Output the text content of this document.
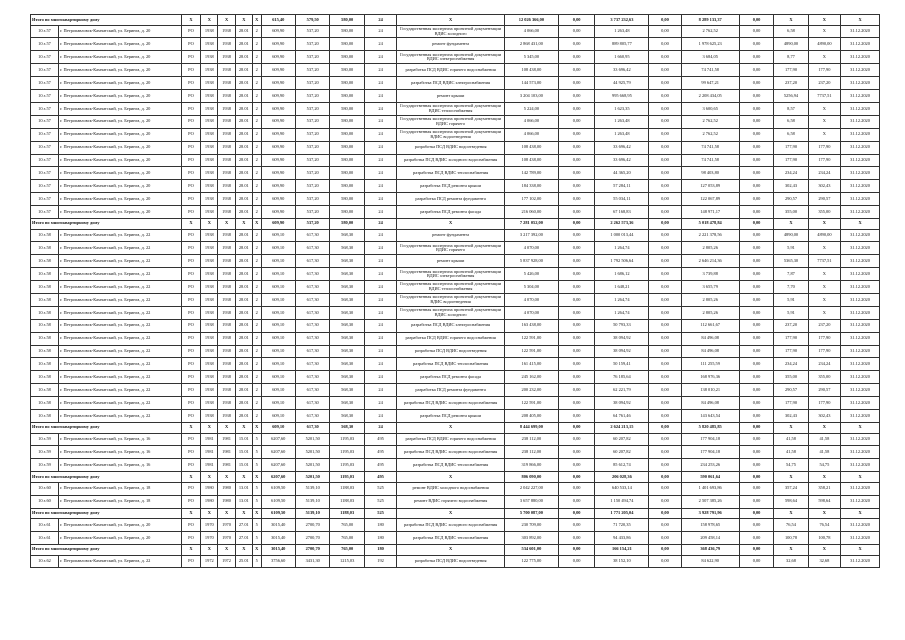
Итого по многоквартирному дому		X	X	X	X	X	615,40	579,50	580,00	24	X	12 026 366,00	0,00	3 737 232,63	0,00	8 289 133,37	0,00	X	X	X
10.з.57	г. Петропавловск-Камчатский, ул. Беринга, д. 20	РО	1938	1938	28.01	2	609,90	537,20	580,00	24	Государственная экспертиза проектной документации ВДИС холодного	4 066,00	0,00	1 263,48	0,00	2 762,52	0,00	6,58	X	31.12.2020
10.з.57	г. Петропавловск-Камчатский, ул. Беринга, д. 20	РО	1938	1938	28.01	2	609,90	537,20	580,00	24	ремонт фундамента	2 868 431,00	0,00	889 805,77	0,00	1 978 625,23	0,00	4890,00	4890,00	31.12.2020
10.з.57	г. Петропавловск-Камчатский, ул. Беринга, д. 20	РО	1938	1938	28.01	2	609,90	537,20	580,00	24	Государственная экспертиза проектной документации ВДИС электроснабжения	5 345,00	0,00	1 660,95	0,00	3 684,05	0,00	8,77	X	31.12.2020
10.з.57	г. Петропавловск-Камчатский, ул. Беринга, д. 20	РО	1938	1938	28.01	2	609,90	537,20	580,00	24	разработка ПСД ВДИС горячего водоснабжения	108 438,00	0,00	33 696,42	0,00	74 741,58	0,00	177,90	177,90	31.12.2020
10.з.57	г. Петропавловск-Камчатский, ул. Беринга, д. 20	РО	1938	1938	28.01	2	609,90	537,20	580,00	24	разработка ПСД ВДИС электроснабжения	144 573,00	0,00	44 925,79	0,00	99 647,21	0,00	237,20	237,20	31.12.2020
10.з.57	г. Петропавловск-Камчатский, ул. Беринга, д. 20	РО	1938	1938	28.01	2	609,90	537,20	580,00	24	ремонт крыши	3 204 103,00	0,00	995 668,95	0,00	2 208 434,05	0,00	5256,94	7737,51	31.12.2020
10.з.57	г. Петропавловск-Камчатский, ул. Беринга, д. 20	РО	1938	1938	28.01	2	609,90	537,20	580,00	24	Государственная экспертиза проектной документации ВДИС теплоснабжения	5 224,00	0,00	1 623,35	0,00	3 600,65	0,00	8,57	X	31.12.2020
10.з.57	г. Петропавловск-Камчатский, ул. Беринга, д. 20	РО	1938	1938	28.01	2	609,90	537,20	580,00	24	Государственная экспертиза проектной документации ВДИС горячего	4 066,00	0,00	1 263,48	0,00	2 762,52	0,00	6,58	X	31.12.2020
10.з.57	г. Петропавловск-Камчатский, ул. Беринга, д. 20	РО	1938	1938	28.01	2	609,90	537,20	580,00	24	Государственная экспертиза проектной документации ВДИС водоотведения	4 066,00	0,00	1 263,48	0,00	2 762,52	0,00	6,58	X	31.12.2020
10.з.57	г. Петропавловск-Камчатский, ул. Беринга, д. 20	РО	1938	1938	28.01	2	609,90	537,20	580,00	24	разработка ПСД ВДИС водоотведения	108 438,00	0,00	33 696,42	0,00	74 741,58	0,00	177,90	177,90	31.12.2020
10.з.57	г. Петропавловск-Камчатский, ул. Беринга, д. 20	РО	1938	1938	28.01	2	609,90	537,20	580,00	24	разработка ПСД ВДИС холодного водоснабжения	108 438,00	0,00	33 696,42	0,00	74 741,58	0,00	177,90	177,90	31.12.2020
10.з.57	г. Петропавловск-Камчатский, ул. Беринга, д. 20	РО	1938	1938	28.01	2	609,90	537,20	580,00	24	разработка ПСД ВДИС теплоснабжения	142 789,00	0,00	44 365,20	0,00	98 403,80	0,00	234,24	234,24	31.12.2020
10.з.57	г. Петропавловск-Камчатский, ул. Беринга, д. 20	РО	1938	1938	28.01	2	609,90	537,20	580,00	24	разработка ПСД ремонта крыши	184 338,00	0,00	57 284,11	0,00	127 053,89	0,00	302,43	302,43	31.12.2020
10.з.57	г. Петропавловск-Камчатский, ул. Беринга, д. 20	РО	1938	1938	28.01	2	609,90	537,20	580,00	24	разработка ПСД ремонта фундамента	177 102,00	0,00	55 034,11	0,00	122 067,89	0,00	290,57	290,57	31.12.2020
10.з.57	г. Петропавловск-Камчатский, ул. Беринга, д. 20	РО	1938	1938	28.01	2	609,90	537,20	580,00	24	разработка ПСД ремонта фасада	216 060,00	0,00	67 168,83	0,00	148 971,17	0,00	355,00	355,00	31.12.2020
Итого по многоквартирному дому		X	X	X	X	X	609,90	537,20	580,00	24	X	7 281 052,00	0,00	2 262 573,36	0,00	5 018 478,84	0,00	X	X	X
10.з.58	г. Петропавловск-Камчатский, ул. Беринга, д. 22	РО	1938	1938	28.01	2	609,10	617,30	568,30	24	ремонт фундамента	3 217 392,00	0,00	1 000 013,44	0,00	2 221 378,56	0,00	4890,00	4890,00	31.12.2020
10.з.58	г. Петропавловск-Камчатский, ул. Беринга, д. 22	РО	1938	1938	28.01	2	609,10	617,30	568,30	24	Государственная экспертиза проектной документации ВДИС горячего	4 070,00	0,00	1 264,74	0,00	2 805,26	0,00	5,91	X	31.12.2020
10.з.58	г. Петропавловск-Камчатский, ул. Беринга, д. 22	РО	1938	1938	28.01	2	609,10	617,30	568,30	24	ремонт крыши	5 837 928,00	0,00	1 792 506,64	0,00	2 646 214,36	0,00	5365,30	7737,51	31.12.2020
10.з.58	г. Петропавловск-Камчатский, ул. Беринга, д. 22	РО	1938	1938	28.01	2	609,10	617,30	568,30	24	Государственная экспертиза проектной документации ВДИС электроснабжения	5 426,00	0,00	1 686,12	0,00	3 739,88	0,00	7,87	X	31.12.2020
10.з.58	г. Петропавловск-Камчатский, ул. Беринга, д. 22	РО	1938	1938	28.01	2	609,10	617,30	568,30	24	Государственная экспертиза проектной документации ВДИС теплоснабжения	5 304,00	0,00	1 648,21	0,00	3 655,79	0,00	7,70	X	31.12.2020
10.з.58	г. Петропавловск-Камчатский, ул. Беринга, д. 22	РО	1938	1938	28.01	2	609,10	617,30	568,30	24	Государственная экспертиза проектной документации ВДИС водоотведения	4 070,00	0,00	1 264,74	0,00	2 805,26	0,00	5,91	X	31.12.2020
10.з.58	г. Петропавловск-Камчатский, ул. Беринга, д. 22	РО	1938	1938	28.01	2	609,10	617,30	568,30	24	Государственная экспертиза проектной документации ВДИС холодного	4 070,00	0,00	1 264,74	0,00	2 805,26	0,00	5,91	X	31.12.2020
10.з.58	г. Петропавловск-Камчатский, ул. Беринга, д. 22	РО	1938	1938	28.01	2	609,10	617,30	568,30	24	разработка ПСД ВДИС электроснабжения	163 438,00	0,00	50 793,33	0,00	112 661,67	0,00	237,20	237,20	31.12.2020
10.з.58	г. Петропавловск-Камчатский, ул. Беринга, д. 22	РО	1938	1938	28.01	2	609,10	617,30	568,30	24	разработка ПСД ВДИС горячего водоснабжения	122 591,00	0,00	38 094,92	0,00	84 496,08	0,00	177,90	177,90	31.12.2020
10.з.58	г. Петропавловск-Камчатский, ул. Беринга, д. 22	РО	1938	1938	28.01	2	609,10	617,30	568,30	24	разработка ПСД ВДИС водоотведения	122 591,00	0,00	38 094,92	0,00	84 496,08	0,00	177,90	177,90	31.12.2020
10.з.58	г. Петропавловск-Камчатский, ул. Беринга, д. 22	РО	1938	1938	28.01	2	609,10	617,30	568,30	24	разработка ПСД ВДИС теплоснабжения	161 415,00	0,00	50 159,41	0,00	111 255,59	0,00	234,24	234,24	31.12.2020
10.з.58	г. Петропавловск-Камчатский, ул. Беринга, д. 22	РО	1938	1938	28.01	2	609,10	617,30	568,30	24	разработка ПСД ремонта фасада	245 162,00	0,00	76 185,64	0,00	168 976,36	0,00	355,00	355,00	31.12.2020
10.з.58	г. Петропавловск-Камчатский, ул. Беринга, д. 22	РО	1938	1938	28.01	2	609,10	617,30	568,30	24	разработка ПСД ремонта фундамента	200 232,00	0,00	62 221,79	0,00	138 010,21	0,00	290,57	290,57	31.12.2020
10.з.58	г. Петропавловск-Камчатский, ул. Беринга, д. 22	РО	1938	1938	28.01	2	609,10	617,30	568,30	24	разработка ПСД ВДИС холодного водоснабжения	122 591,00	0,00	38 094,92	0,00	84 496,08	0,00	177,90	177,90	31.12.2020
10.з.58	г. Петропавловск-Камчатский, ул. Беринга, д. 22	РО	1938	1938	28.01	2	609,10	617,30	568,30	24	разработка ПСД ремонта крыши	208 405,00	0,00	64 761,46	0,00	143 643,54	0,00	302,43	302,43	31.12.2020
Итого по многоквартирному дому		X	X	X	X	X	609,10	617,30	568,30	24	X	8 444 699,00	0,00	2 624 213,15	0,00	5 820 485,85	0,00	X	X	X
10.з.59	г. Петропавловск-Камчатский, ул. Беринга, д. 16	РО	1981	1981	15.01	5	6207,60	5201,50	1195,03	495	разработка ПСД ВДИС горячего водоснабжения	238 112,00	0,00	60 207,82	0,00	177 904,18	0,00	41,58	41,58	31.12.2020
10.з.59	г. Петропавловск-Камчатский, ул. Беринга, д. 16	РО	1981	1981	15.01	5	6207,60	5201,50	1195,03	495	разработка ПСД ВДИС холодного водоснабжения	238 112,00	0,00	60 207,82	0,00	177 904,18	0,00	41,58	41,58	31.12.2020
10.з.59	г. Петропавловск-Камчатский, ул. Беринга, д. 16	РО	1981	1981	15.01	5	6207,60	5201,50	1195,03	495	разработка ПСД ВДИС теплоснабжения	319 866,00	0,00	85 612,74	0,00	234 253,26	0,00	54,75	54,75	31.12.2020
Итого по многоквартирному дому		X	X	X	X	X	6207,60	5201,50	1195,03	495	X	806 090,00	0,00	206 028,36	0,00	590 061,64	0,00	X	X	X
10.з.60	г. Петропавловск-Камчатский, ул. Беринга, д. 18	РО	1980	1980	13.01	5	6109,50	5139,10	1188,03	525	ремонт ВДИС холодного водоснабжения	2 042 227,00	0,00	640 533,14	0,00	1 401 693,86	0,00	357,24	358,21	31.12.2020
10.з.60	г. Петропавловск-Камчатский, ул. Беринга, д. 18	РО	1980	1980	13.01	5	6109,50	5139,10	1188,03	525	ремонт ВДИС горячего водоснабжения	3 657 880,00	0,00	1 150 494,74	0,00	2 507 385,26	0,00	598,64	598,64	31.12.2020
Итого по многоквартирному дому		X	X	X	X	X	6109,50	5139,10	1188,03	525	X	5 700 087,00	0,00	1 771 205,04	0,00	3 928 791,96	0,00	X	X	X
10.з.61	г. Петропавловск-Камчатский, ул. Беринга, д. 20	РО	1970	1970	27.01	5	3015,40	2700,70	765,00	180	разработка ПСД ВДИС холодного водоснабжения	230 709,00	0,00	71 720,35	0,00	158 978,65	0,00	76,54	76,54	31.12.2020
10.з.61	г. Петропавловск-Камчатский, ул. Беринга, д. 20	РО	1970	1970	27.01	5	3015,40	2700,70	765,00	180	разработка ПСД ВДИС теплоснабжения	303 892,00	0,00	94 433,86	0,00	209 458,14	0,00	100,78	100,78	31.12.2020
Итого по многоквартирному дому		X	X	X	X	X	3015,40	2700,70	765,00	180	X	534 601,00	0,00	166 154,21	0,00	368 436,79	0,00	X	X	X
10.з.62	г. Петропавловск-Камчатский, ул. Беринга, д. 22	РО	1972	1972	25.01	5	3756,60	3431,30	1215,03	192	разработка ПСД ВДИС водоотведения	122 775,00	0,00	38 152,10	0,00	84 622,90	0,00	32,68	32,68	31.12.2020
